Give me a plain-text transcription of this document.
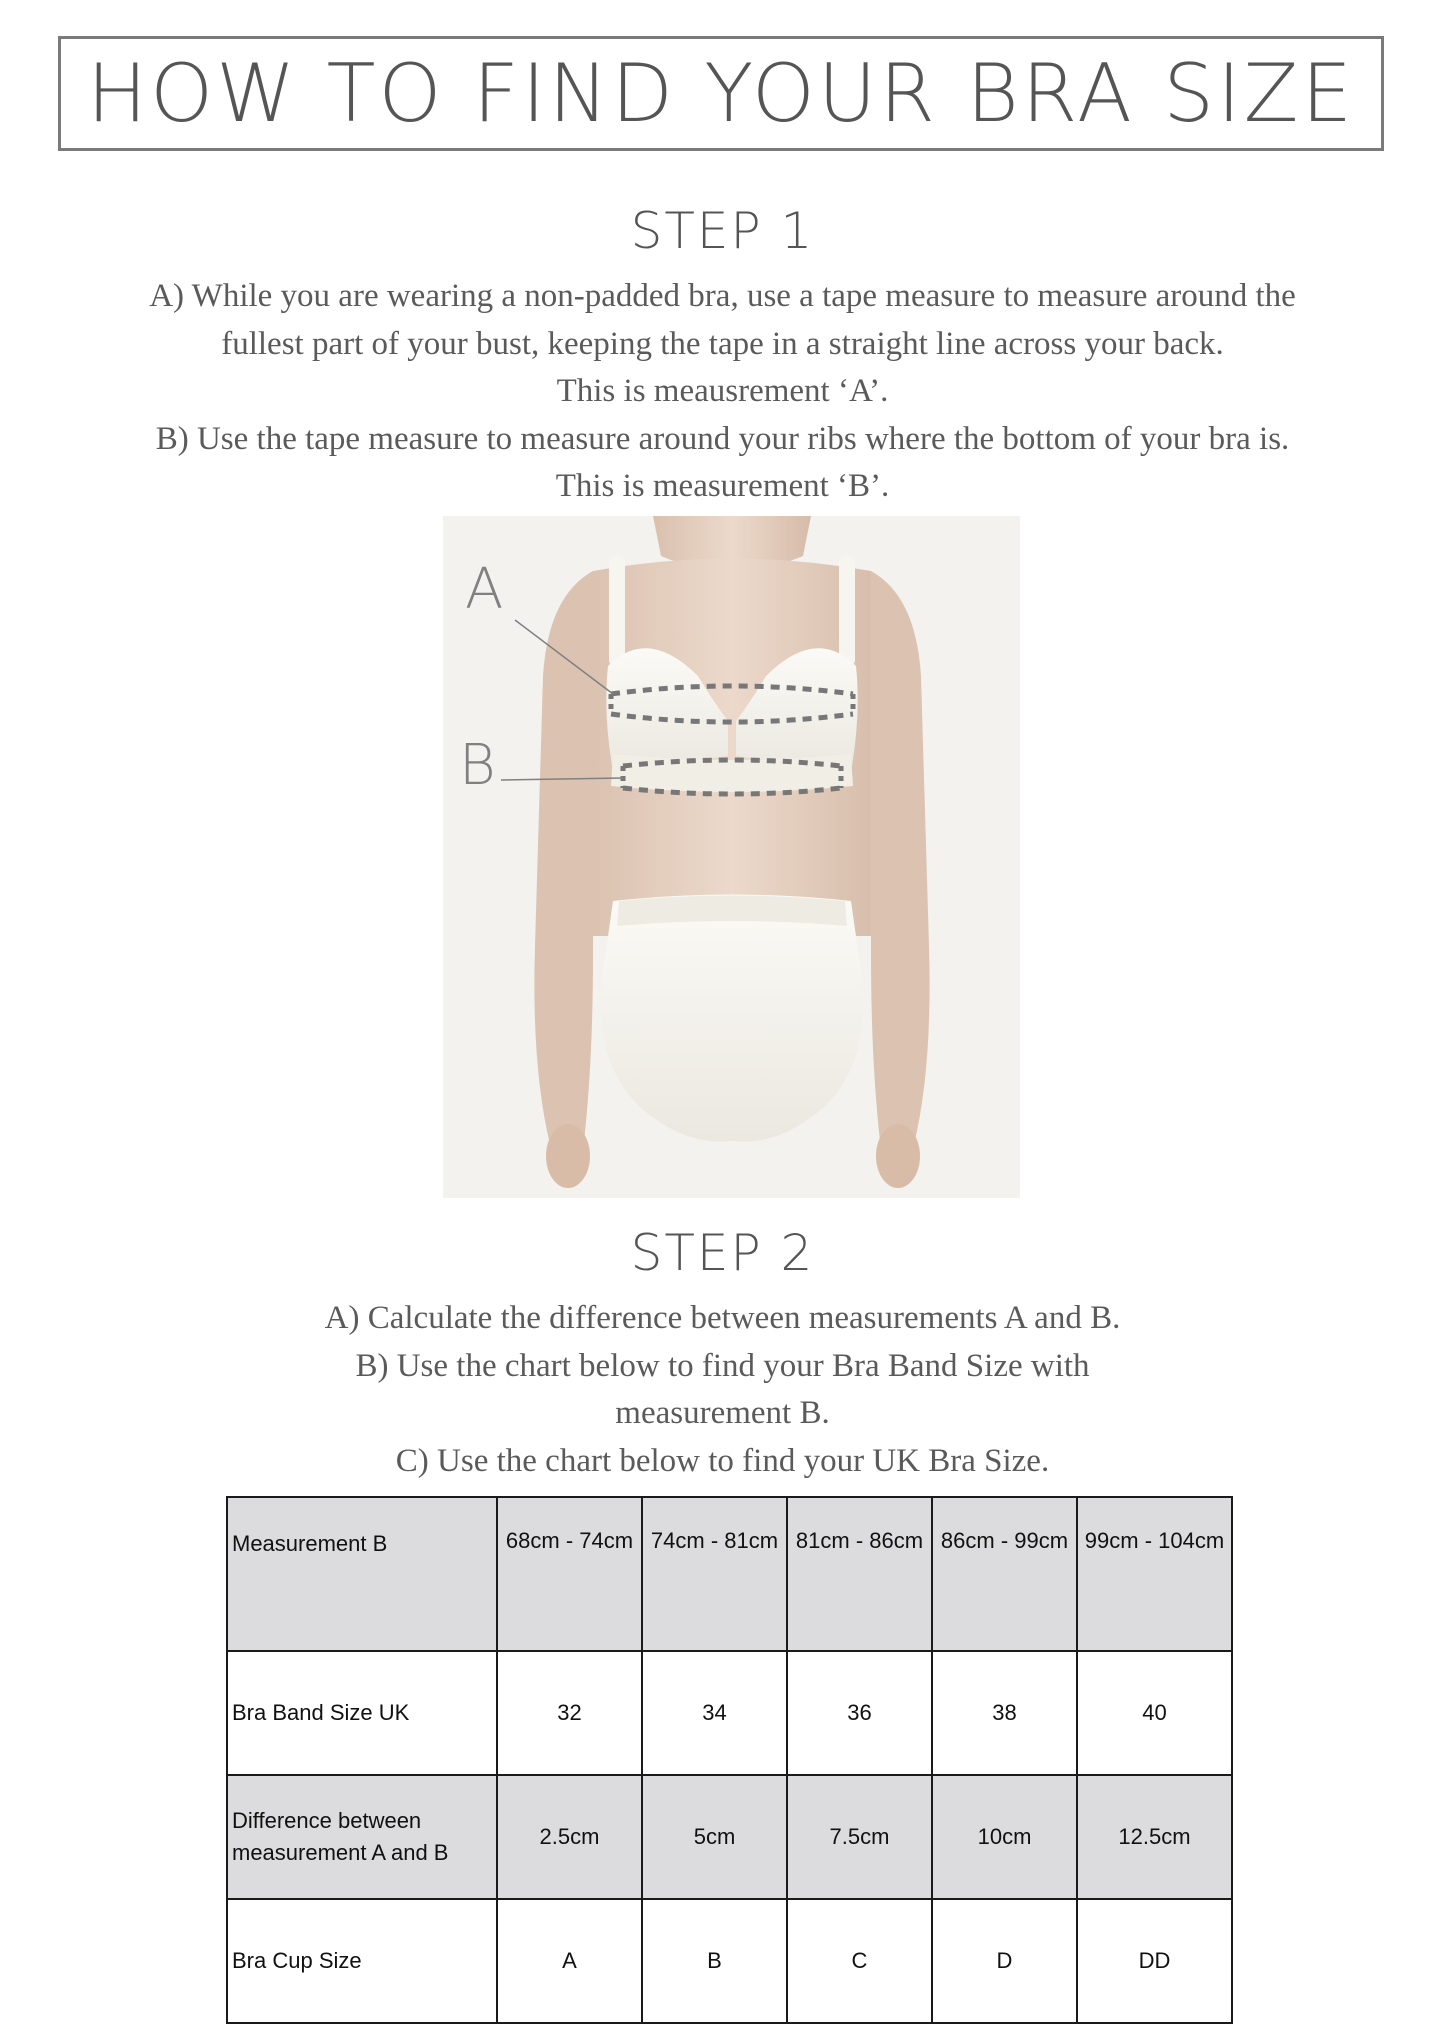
HOW TO FIND YOUR BRA SIZE
STEP 1
A) While you are wearing a non-padded bra, use a tape measure to measure around the
fullest part of your bust, keeping the tape in a straight line across your back.
This is meausrement ‘A’.
B) Use the tape measure to measure around your ribs where the bottom of your bra is.
This is measurement ‘B’.
A
B
STEP 2
A) Calculate the difference between measurements A and B.
B) Use the chart below to find your Bra Band Size with
measurement B.
C) Use the chart below to find your UK Bra Size.
Measurement B	68cm - 74cm	74cm - 81cm	81cm - 86cm	86cm - 99cm	99cm - 104cm
Bra Band Size UK	32	34	36	38	40
Difference between measurement A and B	2.5cm	5cm	7.5cm	10cm	12.5cm
Bra Cup Size	A	B	C	D	DD
